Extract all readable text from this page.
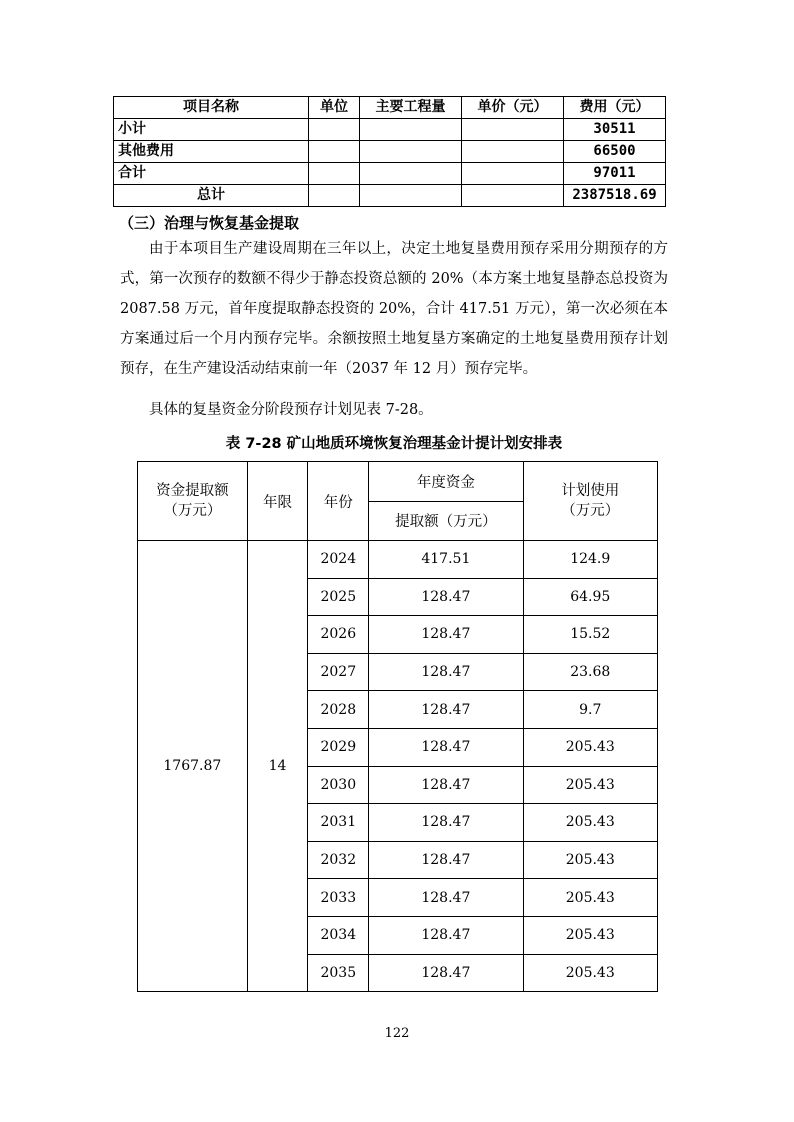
项目名称	单位	主要工程量	单价（元）	费用（元）
小计				30511
其他费用				66500
合计				97011
总计				2387518.69
（三）治理与恢复基金提取

由于本项目生产建设周期在三年以上，决定土地复垦费用预存采用分期预存的方式，第一次预存的数额不得少于静态投资总额的 20%（本方案土地复垦静态总投资为 2087.58 万元，首年度提取静态投资的 20%，合计 417.51 万元），第一次必须在本方案通过后一个月内预存完毕。余额按照土地复垦方案确定的土地复垦费用预存计划预存，在生产建设活动结束前一年（2037 年 12 月）预存完毕。

具体的复垦资金分阶段预存计划见表 7-28。

表 7-28 矿山地质环境恢复治理基金计提计划安排表
资金提取额
（万元）	年限	年份	年度资金	计划使用
（万元）
			提取额（万元）	
1767.87	14	2024	417.51	124.9
		2025	128.47	64.95
		2026	128.47	15.52
		2027	128.47	23.68
		2028	128.47	9.7
		2029	128.47	205.43
		2030	128.47	205.43
		2031	128.47	205.43
		2032	128.47	205.43
		2033	128.47	205.43
		2034	128.47	205.43
		2035	128.47	205.43
122
